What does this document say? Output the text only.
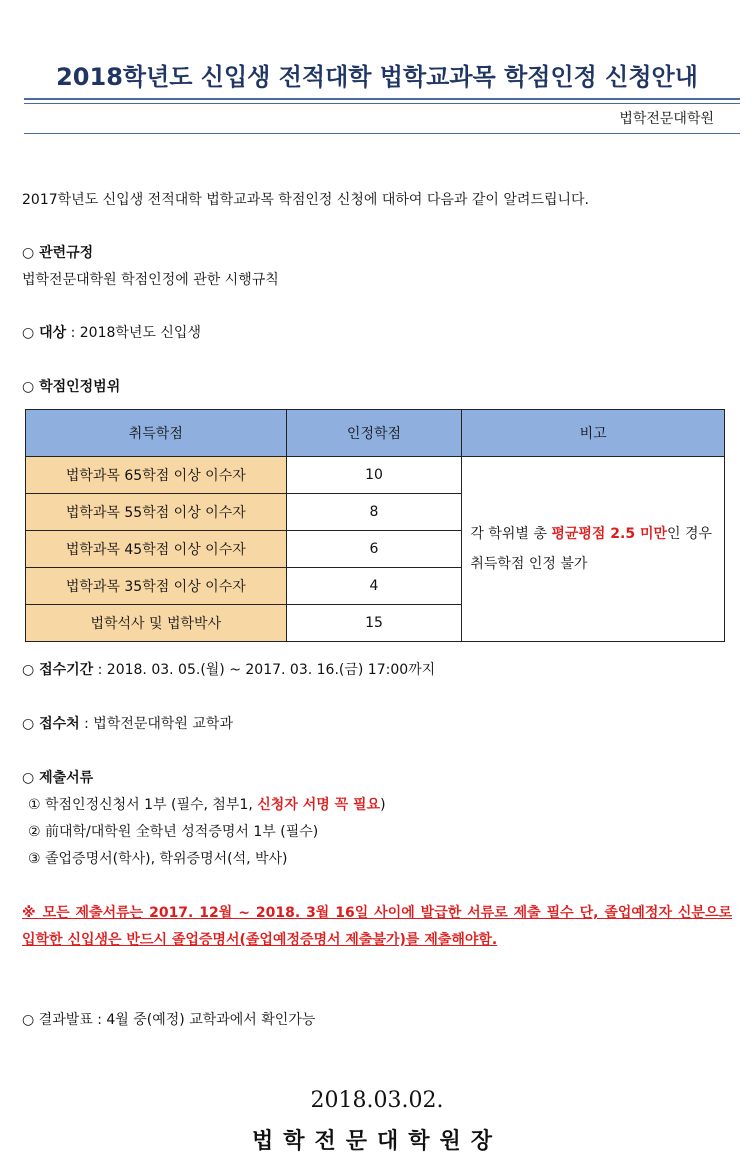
2018학년도 신입생 전적대학 법학교과목 학점인정 신청안내
법학전문대학원
2017학년도 신입생 전적대학 법학교과목 학점인정 신청에 대하여 다음과 같이 알려드립니다.
○ 관련규정
법학전문대학원 학점인정에 관한 시행규칙
○ 대상 : 2018학년도 신입생
○ 학점인정범위
취득학점	인정학점	비고
법학과목 65학점 이상 이수자	10	각 학위별 총 평균평점 2.5 미만인 경우 취득학점 인정 불가
법학과목 55학점 이상 이수자	8	
법학과목 45학점 이상 이수자	6	
법학과목 35학점 이상 이수자	4	
법학석사 및 법학박사	15	
○ 접수기간 : 2018. 03. 05.(월) ~ 2017. 03. 16.(금) 17:00까지
○ 접수처 : 법학전문대학원 교학과
○ 제출서류
① 학점인정신청서 1부 (필수, 첨부1, 신청자 서명 꼭 필요)
② 前대학/대학원 全학년 성적증명서 1부 (필수)
③ 졸업증명서(학사), 학위증명서(석, 박사)
※ 모든 제출서류는 2017. 12월 ~ 2018. 3월 16일 사이에 발급한 서류로 제출 필수 단, 졸업예정자 신분으로 입학한 신입생은 반드시 졸업증명서(졸업예정증명서 제출불가)를 제출해야함.
○ 결과발표 : 4월 중(예정) 교학과에서 확인가능
2018.03.02.
법학전문대학원장
